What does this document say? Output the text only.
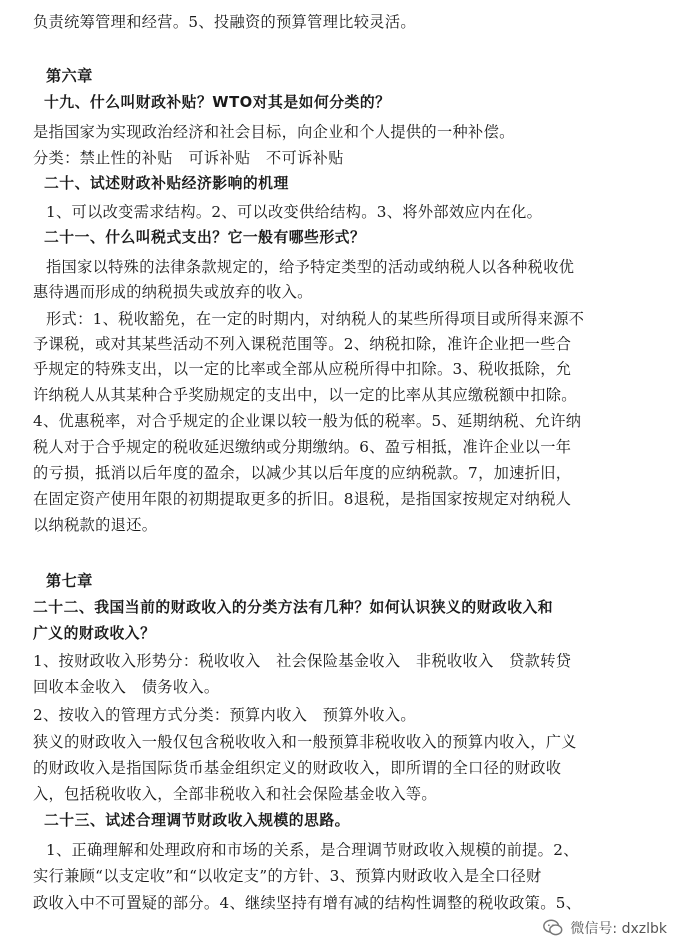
负责统筹管理和经营。5、投融资的预算管理比较灵活。
第六章
十九、什么叫财政补贴？WTO对其是如何分类的？
是指国家为实现政治经济和社会目标，向企业和个人提供的一种补偿。
分类：禁止性的补贴　可诉补贴　不可诉补贴
二十、试述财政补贴经济影响的机理
1、可以改变需求结构。2、可以改变供给结构。3、将外部效应内在化。
二十一、什么叫税式支出？它一般有哪些形式？
指国家以特殊的法律条款规定的，给予特定类型的活动或纳税人以各种税收优
惠待遇而形成的纳税损失或放弃的收入。
形式：1、税收豁免，在一定的时期内，对纳税人的某些所得项目或所得来源不
予课税，或对其某些活动不列入课税范围等。2、纳税扣除，准许企业把一些合
乎规定的特殊支出，以一定的比率或全部从应税所得中扣除。3、税收抵除，允
许纳税人从其某种合乎奖励规定的支出中，以一定的比率从其应缴税额中扣除。
4、优惠税率，对合乎规定的企业课以较一般为低的税率。5、延期纳税、允许纳
税人对于合乎规定的税收延迟缴纳或分期缴纳。6、盈亏相抵，准许企业以一年
的亏损，抵消以后年度的盈余，以减少其以后年度的应纳税款。7，加速折旧，
在固定资产使用年限的初期提取更多的折旧。8退税，是指国家按规定对纳税人
以纳税款的退还。
第七章
二十二、我国当前的财政收入的分类方法有几种？如何认识狭义的财政收入和
广义的财政收入？
1、按财政收入形势分：税收收入　社会保险基金收入　非税收收入　贷款转贷
回收本金收入　债务收入。
2、按收入的管理方式分类：预算内收入　预算外收入。
狭义的财政收入一般仅包含税收收入和一般预算非税收收入的预算内收入，广义
的财政收入是指国际货币基金组织定义的财政收入，即所谓的全口径的财政收
入，包括税收收入，全部非税收入和社会保险基金收入等。
二十三、试述合理调节财政收入规模的思路。
1、正确理解和处理政府和市场的关系，是合理调节财政收入规模的前提。2、
实行兼顾“以支定收”和“以收定支”的方针、3、预算内财政收入是全口径财
政收入中不可置疑的部分。4、继续坚持有增有减的结构性调整的税收政策。5、
微信号: dxzlbk
